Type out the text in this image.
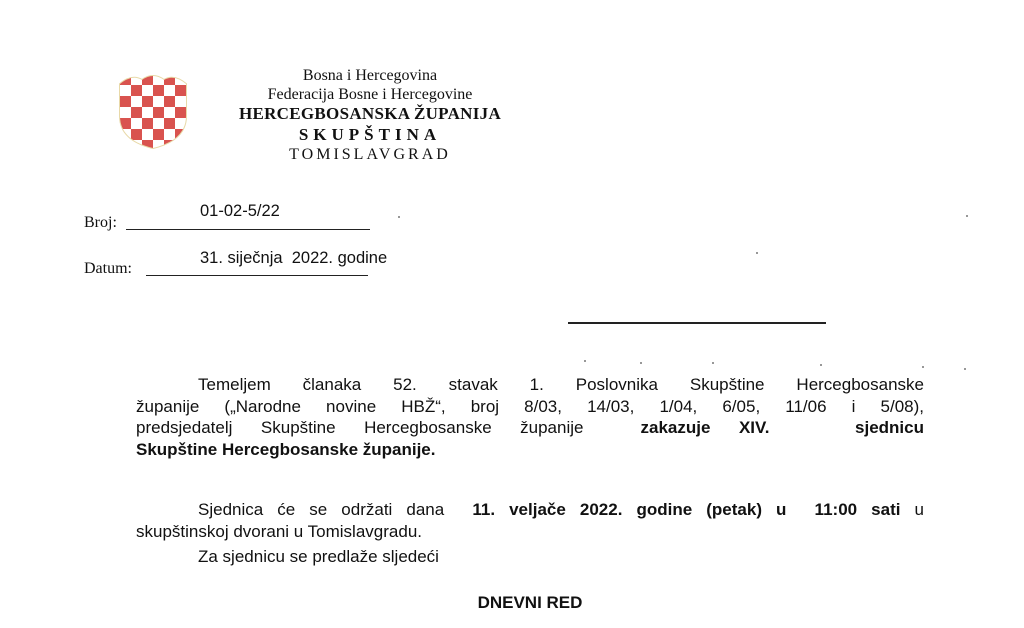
Bosna i Hercegovina
Federacija Bosne i Hercegovine
HERCEGBOSANSKA ŽUPANIJA
SKUPŠTINA
TOMISLAVGRAD
Broj:
01-02-5/22
Datum:
31. siječnja  2022. godine
Temeljem članaka 52. stavak 1. Poslovnika Skupštine Hercegbosanske
županije („Narodne novine HBŽ“, broj 8/03, 14/03, 1/04, 6/05, 11/06 i 5/08),
predsjedatelj Skupštine Hercegbosanske županije	zakazuje XIV.   sjednicu
Skupštine Hercegbosanske županije.
Sjednica će se održati dana 11. veljače 2022. godine (petak) u  11:00 sati u
skupštinskoj dvorani u Tomislavgradu.
Za sjednicu se predlaže sljedeći
DNEVNI RED
